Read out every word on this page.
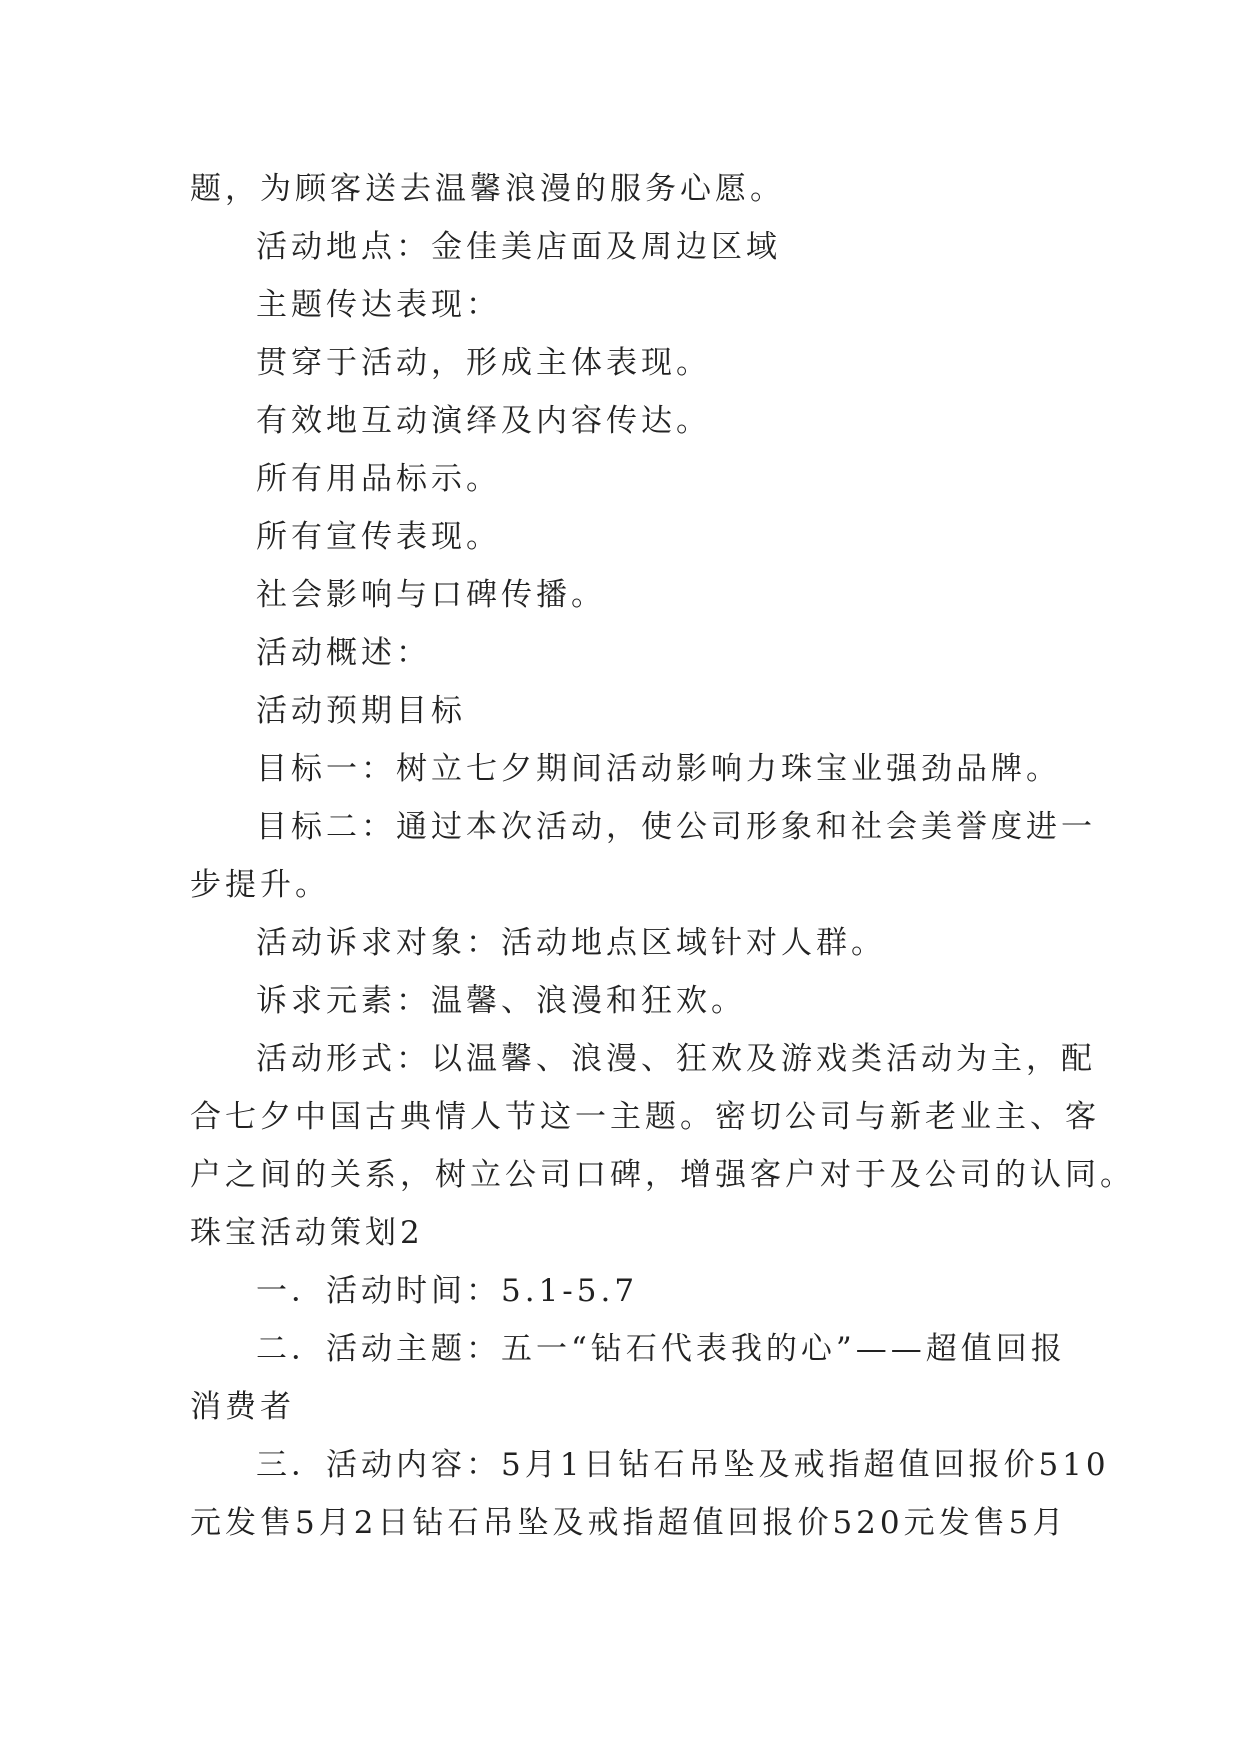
题，为顾客送去温馨浪漫的服务心愿。
活动地点：金佳美店面及周边区域
主题传达表现：
贯穿于活动，形成主体表现。
有效地互动演绎及内容传达。
所有用品标示。
所有宣传表现。
社会影响与口碑传播。
活动概述：
活动预期目标
目标一：树立七夕期间活动影响力珠宝业强劲品牌。
目标二：通过本次活动，使公司形象和社会美誉度进一
步提升。
活动诉求对象：活动地点区域针对人群。
诉求元素：温馨、浪漫和狂欢。
活动形式：以温馨、浪漫、狂欢及游戏类活动为主，配
合七夕中国古典情人节这一主题。密切公司与新老业主、客
户之间的关系，树立公司口碑，增强客户对于及公司的认同。
珠宝活动策划2
一．活动时间：5.1-5.7
二．活动主题：五一“钻石代表我的心”——超值回报
消费者
三．活动内容：5月1日钻石吊坠及戒指超值回报价510
元发售5月2日钻石吊坠及戒指超值回报价520元发售5月
